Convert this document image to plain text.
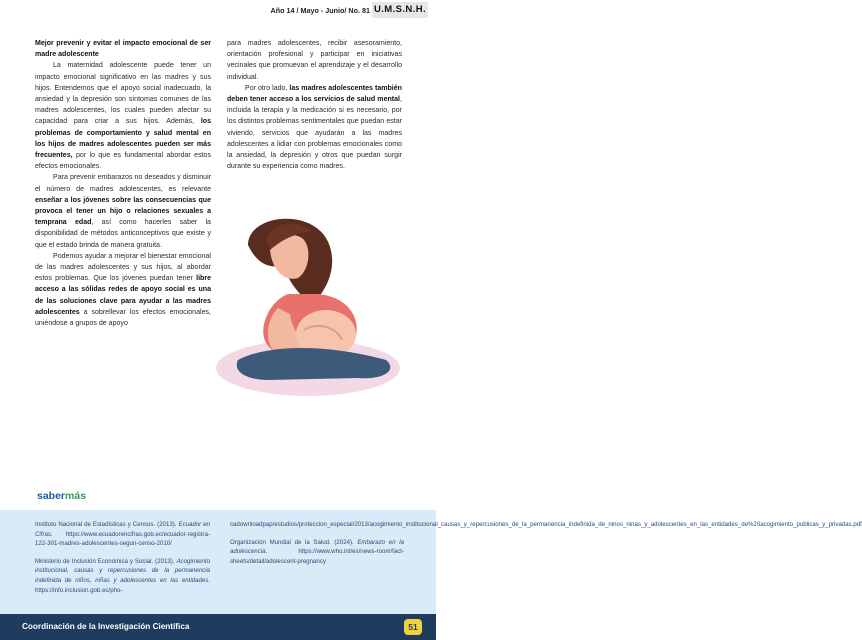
Año 14 / Mayo - Junio/ No. 81 U.M.S.N.H.

Mejor prevenir y evitar el impacto emocional de ser madre adolescente

La maternidad adolescente puede tener un impacto emocional significativo en las madres y sus hijos. Entendemos que el apoyo social inadecuado, la ansiedad y la depresión son síntomas comunes de las madres adolescentes, los cuales pueden afectar su capacidad para criar a sus hijos. Además, los problemas de comportamiento y salud mental en los hijos de madres adolescentes pueden ser más frecuentes, por lo que es fundamental abordar estos efectos emocionales.

Para prevenir embarazos no deseados y disminuir el número de madres adolescentes, es relevante enseñar a los jóvenes sobre las consecuencias que provoca el tener un hijo o relaciones sexuales a temprana edad, así como hacerles saber la disponibilidad de métodos anticonceptivos que existe y que el estado brinda de manera gratuita.

Podemos ayudar a mejorar el bienestar emocional de las madres adolescentes y sus hijos, al abordar estos problemas. Que los jóvenes puedan tener libre acceso a las sólidas redes de apoyo social es una de las soluciones clave para ayudar a las madres adolescentes a sobrellevar los efectos emocionales, uniéndose a grupos de apoyo

para madres adolescentes, recibir asesoramiento, orientación profesional y participar en iniciativas vecinales que promuevan el aprendizaje y el desarrollo individual.

Por otro lado, las madres adolescentes también deben tener acceso a los servicios de salud mental, incluida la terapia y la medicación si es necesario, por los distintos problemas sentimentales que puedan estar viviendo, servicios que ayudarán a las madres adolescentes a lidiar con problemas emocionales como la ansiedad, la depresión y otros que puedan surgir durante su experiencia como madres.

sabermás

Instituto Nacional de Estadísticas y Censos. (2013). Ecuador en Cifras. https://www.ecuadorencifras.gob.ec/ecuador-registra-122-301-madres-adolescentes-segun-censo-2010/

Ministerio de Inclusión Económica y Social. (2013). Acogimiento institucional, causas y repercusiones de la permanencia indefinida de niños, niñas y adolescentes en las entidades. https://info.inclusion.gob.ec/pho-

cadownloadpap/estudios/proteccion_especial/2013/acogimiento_institucional_causas_y_repercusiones_de_la_permanencia_indefinida_de_ninos_ninas_y_adolescentes_en_las_entidades_de%20acogimiento_publicas_y_privadas.pdf

Organización Mundial de la Salud. (2024). Embarazo en la adolescencia. https://www.who.int/es/news-room/fact-sheets/detail/adolescent-pregnancy

Coordinación de la Investigación Científica	51
